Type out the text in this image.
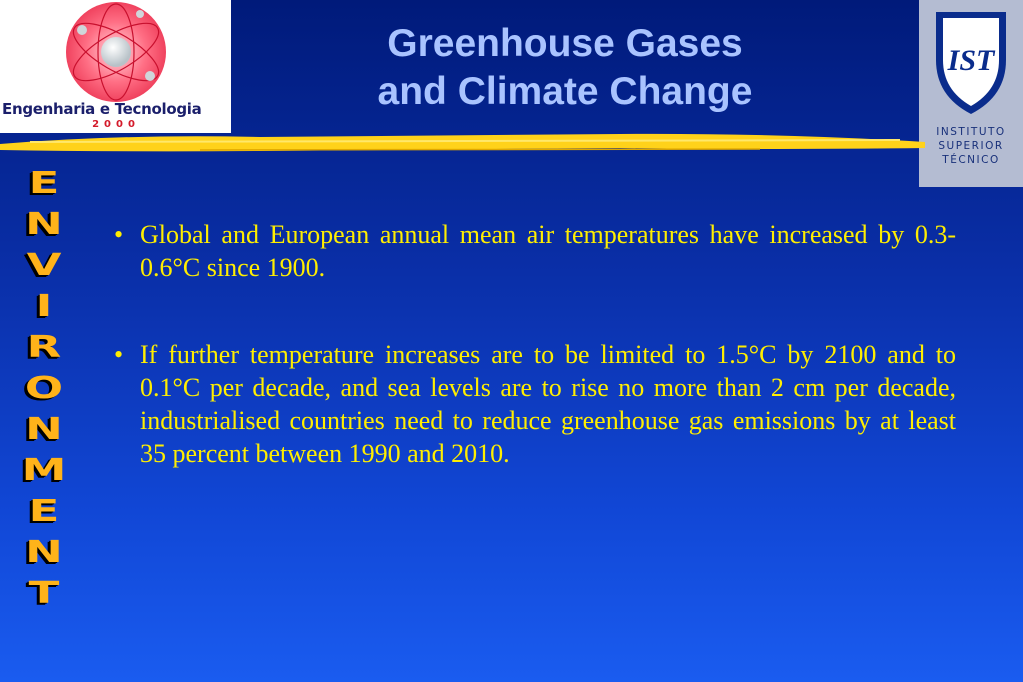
Engenharia e Tecnologia
2000
IST
INSTITUTO
SUPERIOR
TÉCNICO
Greenhouse Gases
and Climate Change
E
N
V
I
R
O
N
M
E
N
T
• Global and European annual mean air temperatures have increased by 0.3-0.6°C since 1900.
• If further temperature increases are to be limited to 1.5°C by 2100 and to 0.1°C per decade, and sea levels are to rise no more than 2 cm per decade, industrialised countries need to reduce greenhouse gas emissions by at least 35 percent between 1990 and 2010.
